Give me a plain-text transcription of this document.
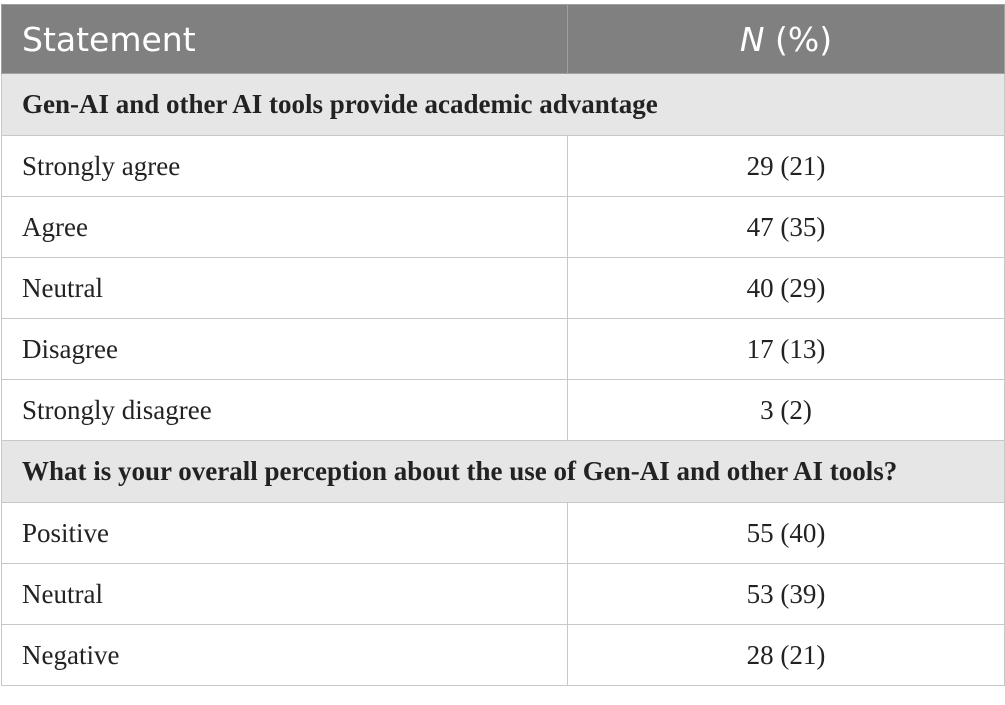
Statement	N (%)
Gen-AI and other AI tools provide academic advantage	
Strongly agree	29 (21)
Agree	47 (35)
Neutral	40 (29)
Disagree	17 (13)
Strongly disagree	3 (2)
What is your overall perception about the use of Gen-AI and other AI tools?	
Positive	55 (40)
Neutral	53 (39)
Negative	28 (21)
